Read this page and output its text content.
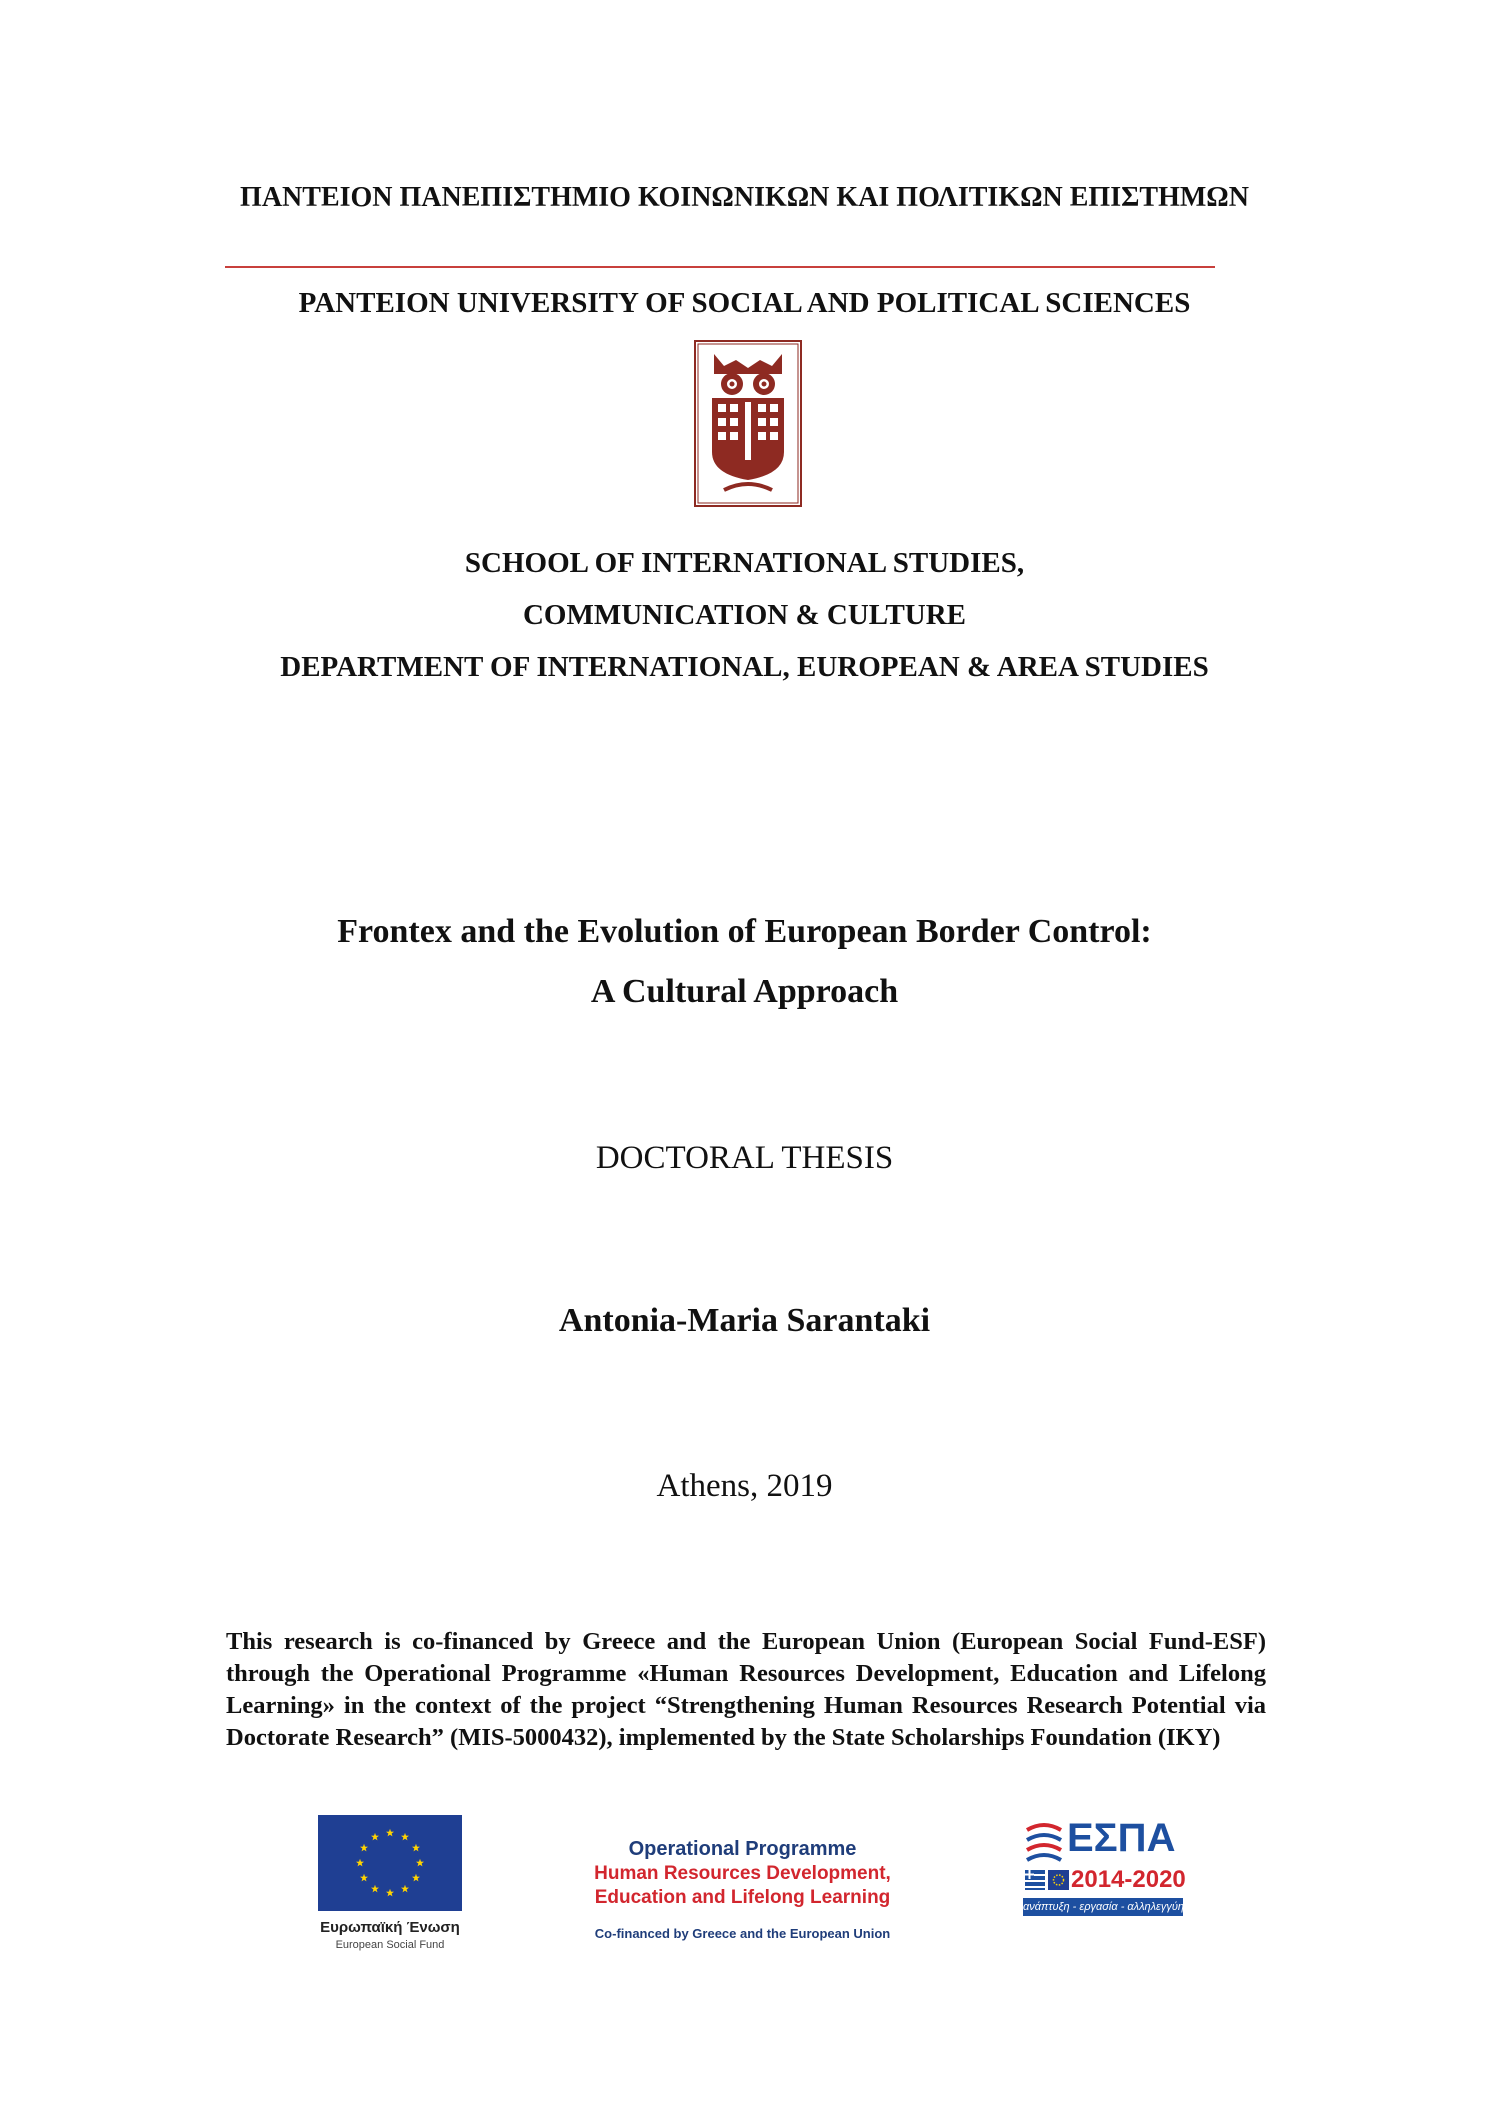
ΠΑΝΤΕΙΟΝ ΠΑΝΕΠΙΣΤΗΜΙΟ ΚΟΙΝΩΝΙΚΩΝ ΚΑΙ ΠΟΛΙΤΙΚΩΝ ΕΠΙΣΤΗΜΩΝ
PANTEION UNIVERSITY OF SOCIAL AND POLITICAL SCIENCES
SCHOOL OF INTERNATIONAL STUDIES,
COMMUNICATION & CULTURE
DEPARTMENT OF INTERNATIONAL, EUROPEAN & AREA STUDIES
Frontex and the Evolution of European Border Control:
A Cultural Approach
DOCTORAL THESIS
Antonia-Maria Sarantaki
Athens, 2019
This research is co-financed by Greece and the European Union (European Social Fund-ESF) through the Operational Programme «Human Resources Development, Education and Lifelong Learning» in the context of the project “Strengthening Human Resources Research Potential via Doctorate Research” (MIS-5000432), implemented by the State Scholarships Foundation (IKY)
Ευρωπαϊκή Ένωση
European Social Fund
Operational Programme
Human Resources Development,
Education and Lifelong Learning
Co-financed by Greece and the European Union
ΕΣΠΑ
2014-2020
ανάπτυξη - εργασία - αλληλεγγύη
